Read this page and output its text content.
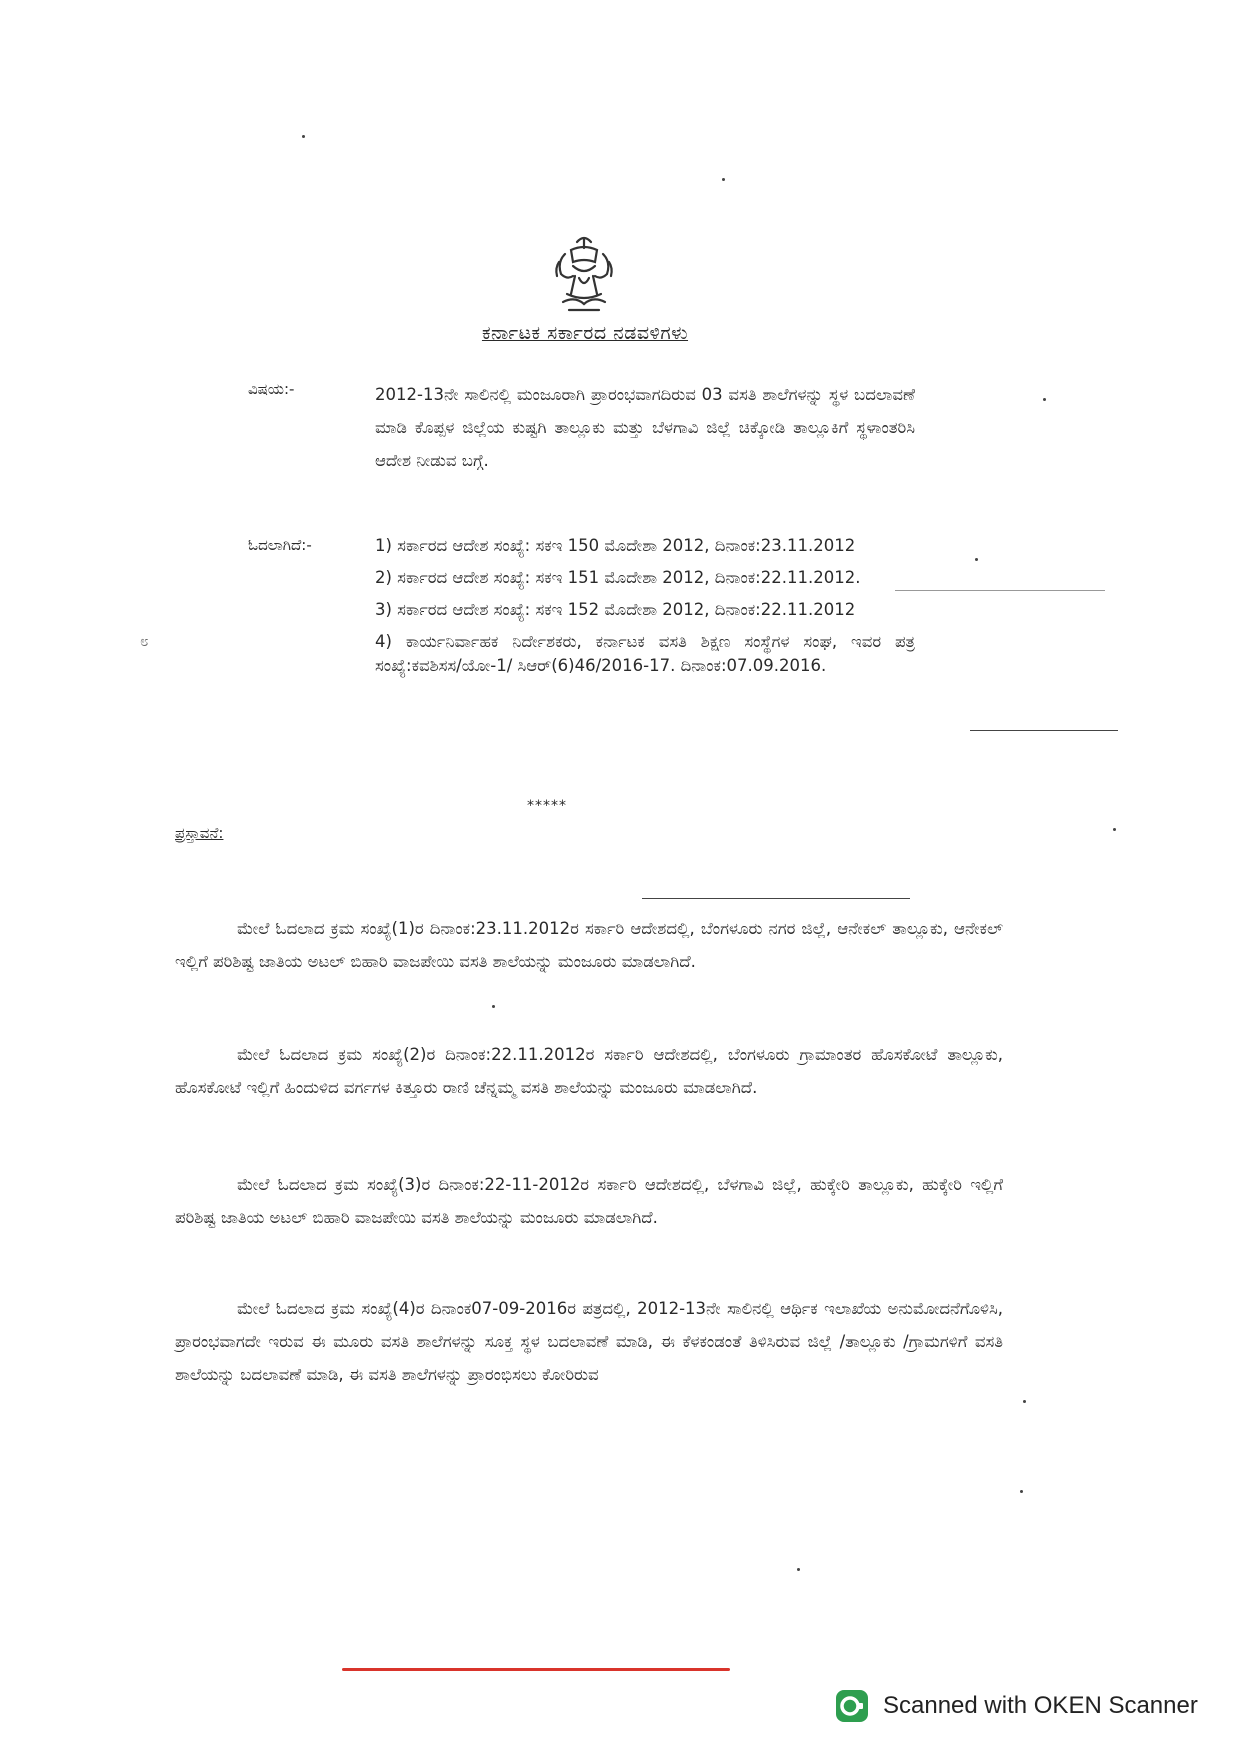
ಕರ್ನಾಟಕ ಸರ್ಕಾರದ ನಡವಳಿಗಳು
ವಿಷಯ:-	2012-13ನೇ ಸಾಲಿನಲ್ಲಿ ಮಂಜೂರಾಗಿ ಪ್ರಾರಂಭವಾಗದಿರುವ 03 ವಸತಿ ಶಾಲೆಗಳನ್ನು ಸ್ಥಳ ಬದಲಾವಣೆ ಮಾಡಿ ಕೊಪ್ಪಳ ಜಿಲ್ಲೆಯ ಕುಷ್ಟಗಿ ತಾಲ್ಲೂಕು ಮತ್ತು ಬೆಳಗಾವಿ ಜಿಲ್ಲೆ ಚಿಕ್ಕೋಡಿ ತಾಲ್ಲೂಕಿಗೆ ಸ್ಥಳಾಂತರಿಸಿ ಆದೇಶ ನೀಡುವ ಬಗ್ಗೆ.
ಓದಲಾಗಿದೆ:-	1) ಸರ್ಕಾರದ ಆದೇಶ ಸಂಖ್ಯೆ: ಸಕಇ 150 ಮೊದೇಶಾ 2012, ದಿನಾಂಕ:23.11.2012
2) ಸರ್ಕಾರದ ಆದೇಶ ಸಂಖ್ಯೆ: ಸಕಇ 151 ಮೊದೇಶಾ 2012, ದಿನಾಂಕ:22.11.2012.
3) ಸರ್ಕಾರದ ಆದೇಶ ಸಂಖ್ಯೆ: ಸಕಇ 152 ಮೊದೇಶಾ 2012, ದಿನಾಂಕ:22.11.2012
4) ಕಾರ್ಯನಿರ್ವಾಹಕ ನಿರ್ದೇಶಕರು, ಕರ್ನಾಟಕ ವಸತಿ ಶಿಕ್ಷಣ ಸಂಸ್ಥೆಗಳ ಸಂಘ, ಇವರ ಪತ್ರ ಸಂಖ್ಯೆ:ಕವಶಿಸಸ/ಯೋ-1/ ಸಿಆರ್(6)46/2016-17. ದಿನಾಂಕ:07.09.2016.
೮
*****
ಪ್ರಸ್ತಾವನೆ:
ಮೇಲೆ ಓದಲಾದ ಕ್ರಮ ಸಂಖ್ಯೆ(1)ರ ದಿನಾಂಕ:23.11.2012ರ ಸರ್ಕಾರಿ ಆದೇಶದಲ್ಲಿ, ಬೆಂಗಳೂರು ನಗರ ಜಿಲ್ಲೆ, ಆನೇಕಲ್ ತಾಲ್ಲೂಕು, ಆನೇಕಲ್ ಇಲ್ಲಿಗೆ ಪರಿಶಿಷ್ಟ ಜಾತಿಯ ಅಟಲ್ ಬಿಹಾರಿ ವಾಜಪೇಯಿ ವಸತಿ ಶಾಲೆಯನ್ನು ಮಂಜೂರು ಮಾಡಲಾಗಿದೆ.
ಮೇಲೆ ಓದಲಾದ ಕ್ರಮ ಸಂಖ್ಯೆ(2)ರ ದಿನಾಂಕ:22.11.2012ರ ಸರ್ಕಾರಿ ಆದೇಶದಲ್ಲಿ, ಬೆಂಗಳೂರು ಗ್ರಾಮಾಂತರ ಹೊಸಕೋಟೆ ತಾಲ್ಲೂಕು, ಹೊಸಕೋಟೆ ಇಲ್ಲಿಗೆ ಹಿಂದುಳಿದ ವರ್ಗಗಳ ಕಿತ್ತೂರು ರಾಣಿ ಚೆನ್ನಮ್ಮ ವಸತಿ ಶಾಲೆಯನ್ನು ಮಂಜೂರು ಮಾಡಲಾಗಿದೆ.
ಮೇಲೆ ಓದಲಾದ ಕ್ರಮ ಸಂಖ್ಯೆ(3)ರ ದಿನಾಂಕ:22-11-2012ರ ಸರ್ಕಾರಿ ಆದೇಶದಲ್ಲಿ, ಬೆಳಗಾವಿ ಜಿಲ್ಲೆ, ಹುಕ್ಕೇರಿ ತಾಲ್ಲೂಕು, ಹುಕ್ಕೇರಿ ಇಲ್ಲಿಗೆ ಪರಿಶಿಷ್ಟ ಜಾತಿಯ ಅಟಲ್ ಬಿಹಾರಿ ವಾಜಪೇಯಿ ವಸತಿ ಶಾಲೆಯನ್ನು ಮಂಜೂರು ಮಾಡಲಾಗಿದೆ.
ಮೇಲೆ ಓದಲಾದ ಕ್ರಮ ಸಂಖ್ಯೆ(4)ರ ದಿನಾಂಕ07-09-2016ರ ಪತ್ರದಲ್ಲಿ, 2012-13ನೇ ಸಾಲಿನಲ್ಲಿ ಆರ್ಥಿಕ ಇಲಾಖೆಯ ಅನುಮೋದನೆಗೊಳಿಸಿ, ಪ್ರಾರಂಭವಾಗದೇ ಇರುವ ಈ ಮೂರು ವಸತಿ ಶಾಲೆಗಳನ್ನು ಸೂಕ್ತ ಸ್ಥಳ ಬದಲಾವಣೆ ಮಾಡಿ, ಈ ಕೆಳಕಂಡಂತೆ ತಿಳಿಸಿರುವ ಜಿಲ್ಲೆ /ತಾಲ್ಲೂಕು /ಗ್ರಾಮಗಳಿಗೆ ವಸತಿ ಶಾಲೆಯನ್ನು ಬದಲಾವಣೆ ಮಾಡಿ, ಈ ವಸತಿ ಶಾಲೆಗಳನ್ನು ಪ್ರಾರಂಭಿಸಲು ಕೋರಿರುವ
Scanned with OKEN Scanner
